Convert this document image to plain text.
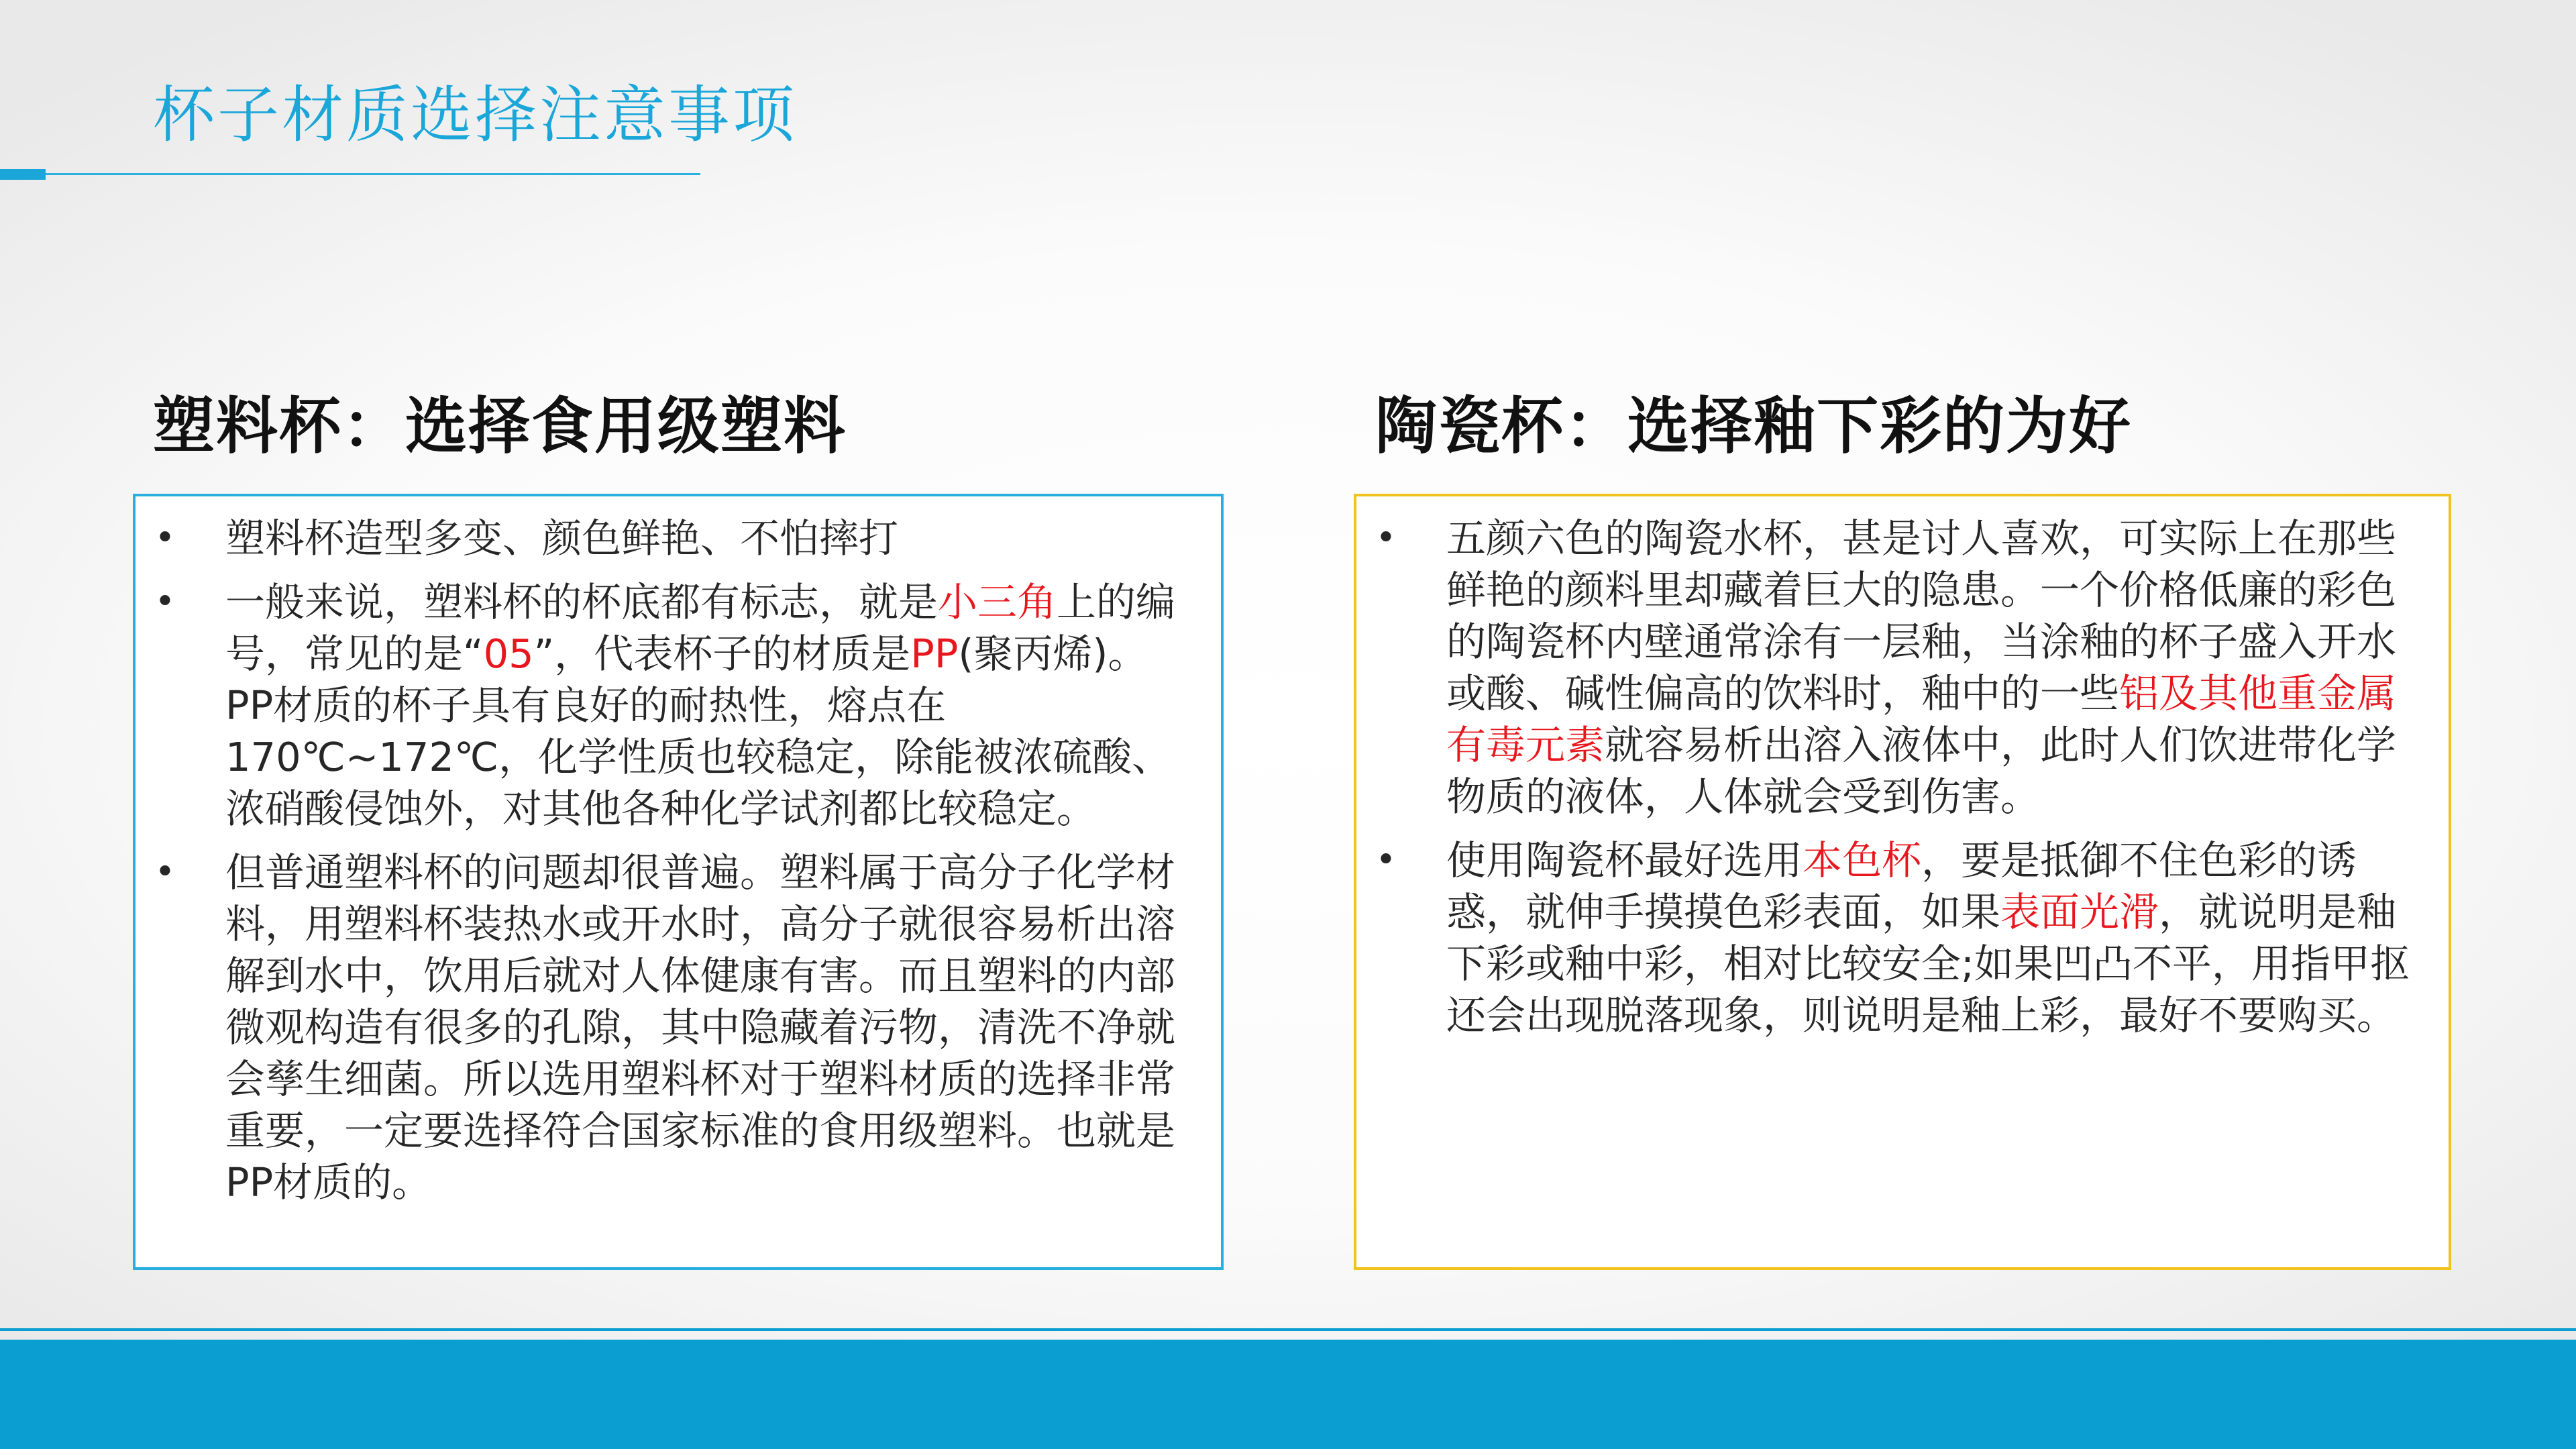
杯子材质选择注意事项
塑料杯：选择食用级塑料	陶瓷杯：选择釉下彩的为好
• 塑料杯造型多变、颜色鲜艳、不怕摔打
• 一般来说，塑料杯的杯底都有标志，就是小三角上的编号，常见的是“05”，代表杯子的材质是PP(聚丙烯)。PP材质的杯子具有良好的耐热性，熔点在170℃~172℃，化学性质也较稳定，除能被浓硫酸、浓硝酸侵蚀外，对其他各种化学试剂都比较稳定。
• 但普通塑料杯的问题却很普遍。塑料属于高分子化学材料，用塑料杯装热水或开水时，高分子就很容易析出溶解到水中，饮用后就对人体健康有害。而且塑料的内部微观构造有很多的孔隙，其中隐藏着污物，清洗不净就会孳生细菌。所以选用塑料杯对于塑料材质的选择非常重要，一定要选择符合国家标准的食用级塑料。也就是PP材质的。
• 五颜六色的陶瓷水杯，甚是讨人喜欢，可实际上在那些鲜艳的颜料里却藏着巨大的隐患。一个价格低廉的彩色的陶瓷杯内壁通常涂有一层釉，当涂釉的杯子盛入开水或酸、碱性偏高的饮料时，釉中的一些铝及其他重金属有毒元素就容易析出溶入液体中，此时人们饮进带化学物质的液体，人体就会受到伤害。
• 使用陶瓷杯最好选用本色杯，要是抵御不住色彩的诱惑，就伸手摸摸色彩表面，如果表面光滑，就说明是釉下彩或釉中彩，相对比较安全;如果凹凸不平，用指甲抠还会出现脱落现象，则说明是釉上彩，最好不要购买。
